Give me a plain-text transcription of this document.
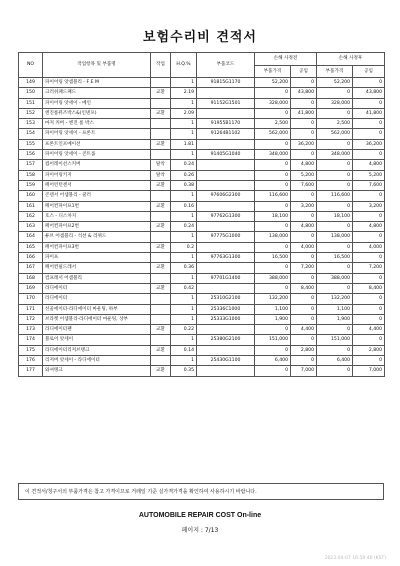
보험수리비 견적서
NO	작업항목 및 부품명	작업	H.Q.%	부품코드	손해 사정전		손해 사정후	
					부품가격	공임	부품가격	공임
149	파이어링 앗셈블리 - F E M		1	91815G1170	52,200	0	52,200	0
150	크러쉬패드패드	교환	2.19		0	43,800	0	43,800
151	파이어링 앗세이 - 메인		1	91152G1501	328,000	0	328,000	0
152	엔진룸퓨즈박스&(인넨포)	교환	2.09		0	41,800	0	41,800
153	마져 커버 - 엔진 룸 박스		1	91955B1170	2,500	0	2,500	0
154	파이어링 앗세이 - 프론트		1	91264B1102	562,000	0	562,000	0
155	프론트인포메이션	교환	1.81		0	36,200	0	36,200
156	파이어링 앗세이 - 콘트롤		1	91405G1040	348,000	0	348,000	0
157	컵어레이션스커버	탈착	0.24		0	4,800	0	4,800
158	파이어링키지	탈착	0.26		0	5,200	0	5,200
159	페어런턴센서	교환	0.38		0	7,600	0	7,600
160	콘덴서 어셈블리 - 쿨러		1	97606G2300	116,600	0	116,600	0
161	페어컨파이프1번	교환	0.16		0	3,200	0	3,200
162	호스 - 디스차지		1	97762G1300	18,100	0	18,100	0
163	페어컨파이프2번	교환	0.24		0	4,800	0	4,800
164	튜브 어셈블리 - 석션 & 리퀴드		1	97775G1000	138,000	0	138,000	0
165	페어컨파이프3번	교환	0.2		0	4,000	0	4,000
166	파이프		1	97763G1300	16,500	0	16,500	0
167	페어컨필드레서	교환	0.36		0	7,200	0	7,200
168	컴프레서 어셈블리		1	97701G1400	388,000	0	388,000	0
169	라디에이터	교환	0.42		0	8,400	0	8,400
170	라디에이터		1	25310G2100	132,200	0	132,200	0
171	선골에이터-라디에이터 마운팅, 하부		1	25336C1000	1,100	0	1,100	0
172	브라켓 어셈블리-라디에이터 마운팅, 상부		1	25333G1000	1,900	0	1,900	0
173	라디에이터팬	교환	0.22		0	4,400	0	4,400
174	블로어 앗세이		1	25380G2100	151,000	0	151,000	0
175	라디에이터리저브탱크	교환	0.14		0	2,800	0	2,800
176	리저버 앗세이 - 라디에이터		1	25430G1100	6,400	0	6,400	0
177	와셔탱크	교환	0.35		0	7,000	0	7,000
이 견적서/청구서의 부품가격은 참고 가격이므로 거래일 기준 실가격가격을 확인하여 사용하시기 바랍니다.
AUTOMOBILE REPAIR COST On-line
페이지 : 7/13
2023-04-07 16:59:46 (KST)
